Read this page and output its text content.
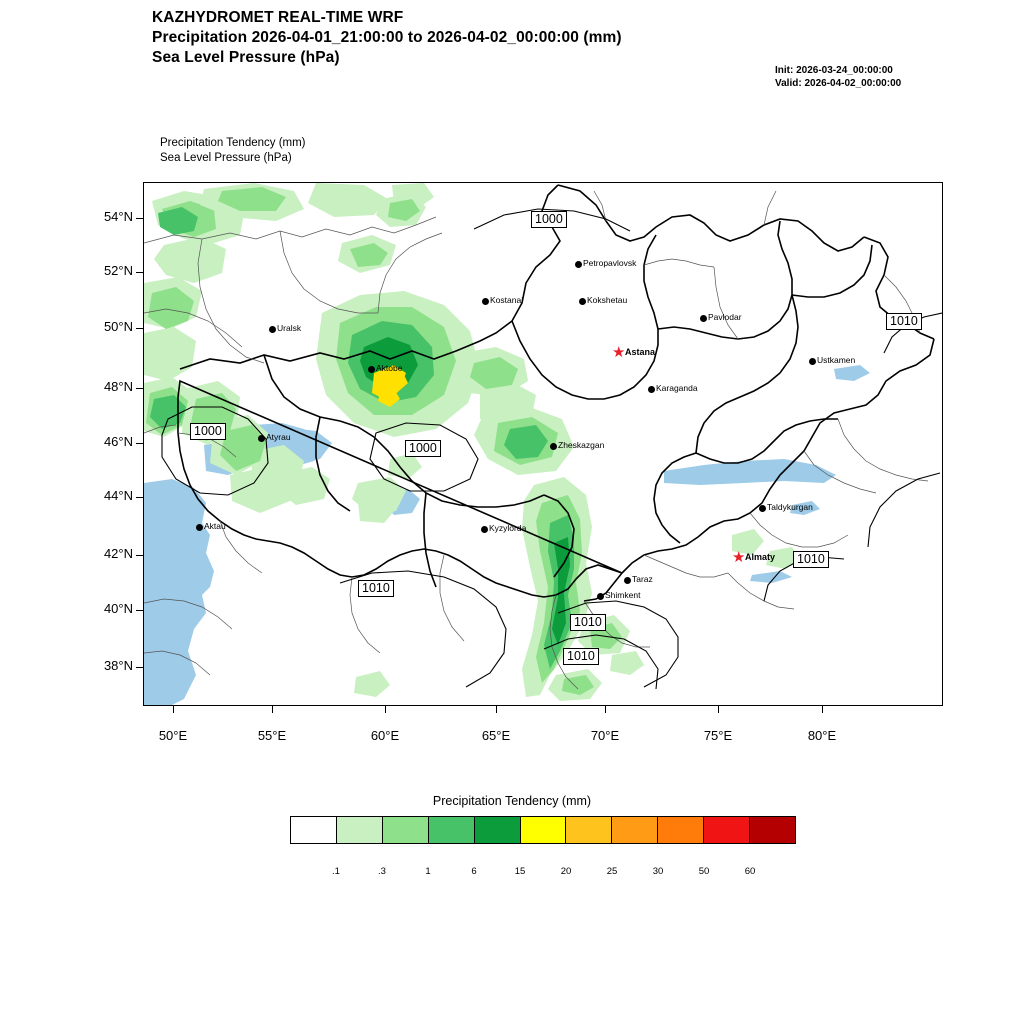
KAZHYDROMET REAL-TIME WRF
Precipitation 2026-04-01_21:00:00 to 2026-04-02_00:00:00 (mm)
Sea Level Pressure (hPa)
Init: 2026-03-24_00:00:00
Valid: 2026-04-02_00:00:00
Precipitation Tendency (mm)
Sea Level Pressure (hPa)
Petropavlovsk
Kostanai	Kokshetau
Pavlodar
Uralsk
Ustkamen
Aktobe
Karaganda
Atyrau
Zheskazgan
Taldykurgan
Aktau	Kyzylorda
Taraz
Shimkent
★ Astana
★ Almaty
1000
1010
1000
1000
1010
1010
1010
1010
54°N
52°N
50°N
48°N
46°N
44°N
42°N
40°N
38°N
50°E	55°E	60°E	65°E	70°E	75°E	80°E
Precipitation Tendency (mm)
.1	.3	1	6	15	20	25	30	50	60
